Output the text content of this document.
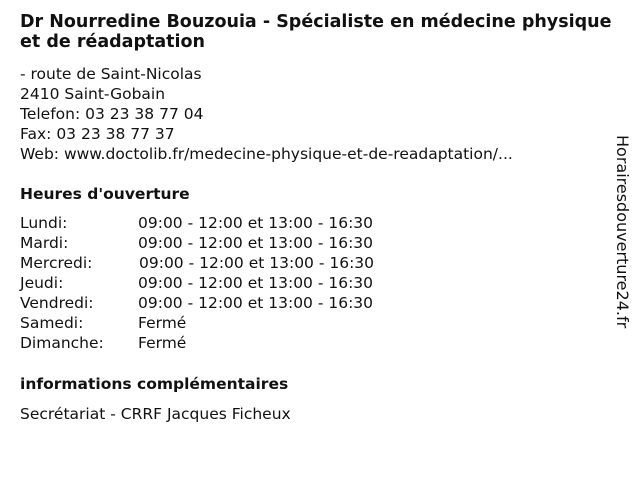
Dr Nourredine Bouzouia - Spécialiste en médecine physique et de réadaptation
- route de Saint-Nicolas
2410 Saint-Gobain
Telefon: 03 23 38 77 04
Fax: 03 23 38 77 37
Web: www.doctolib.fr/medecine-physique-et-de-readaptation/...
Heures d'ouverture
Lundi:	09:00 - 12:00 et 13:00 - 16:30
Mardi:	09:00 - 12:00 et 13:00 - 16:30
Mercredi:	09:00 - 12:00 et 13:00 - 16:30
Jeudi:	09:00 - 12:00 et 13:00 - 16:30
Vendredi:	09:00 - 12:00 et 13:00 - 16:30
Samedi:	Fermé
Dimanche:	Fermé
informations complémentaires
Secrétariat - CRRF Jacques Ficheux
Horairesdouverture24.fr
